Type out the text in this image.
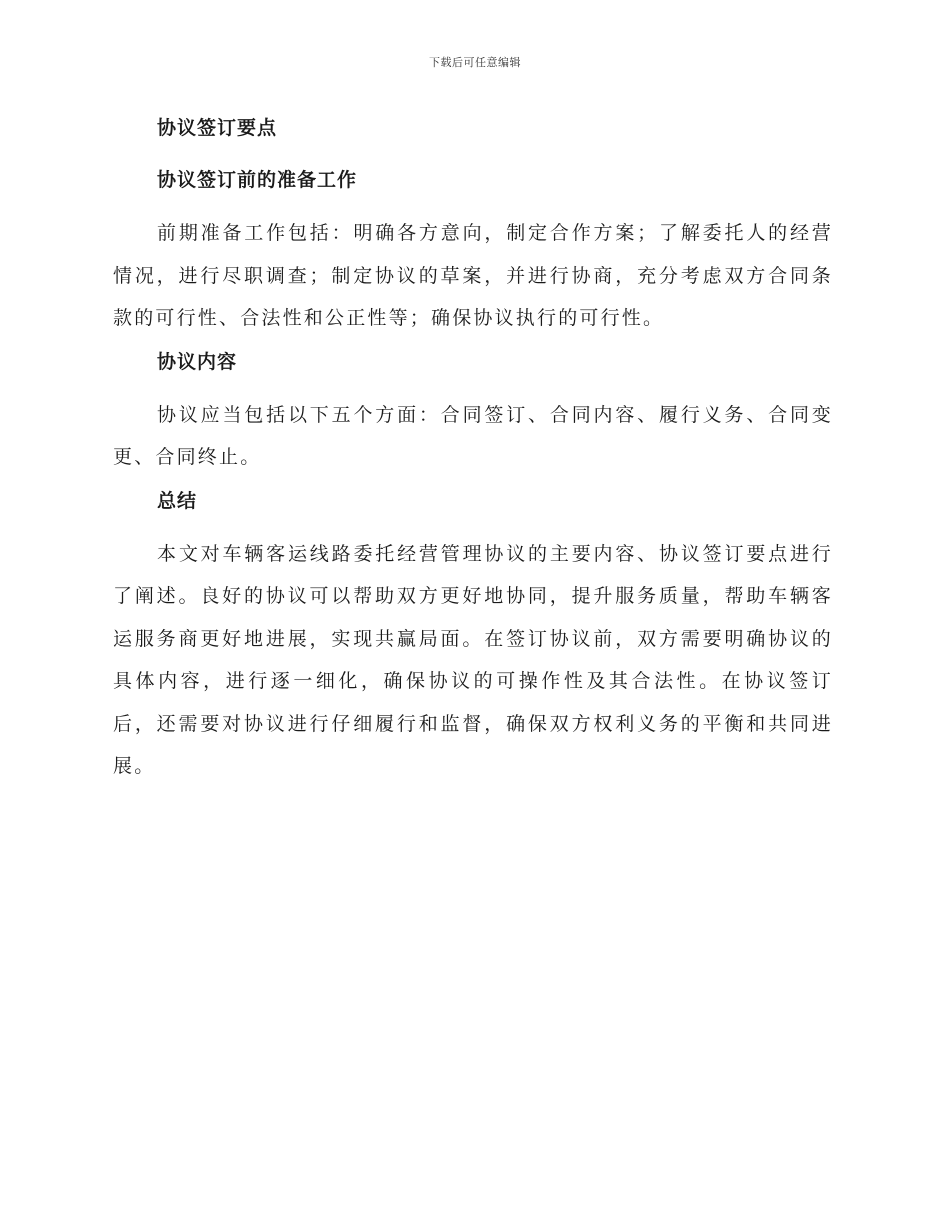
下载后可任意编辑
协议签订要点
协议签订前的准备工作

前期准备工作包括：明确各方意向，制定合作方案；了解委托人的经营情况，进行尽职调查；制定协议的草案，并进行协商，充分考虑双方合同条款的可行性、合法性和公正性等；确保协议执行的可行性。

协议内容

协议应当包括以下五个方面：合同签订、合同内容、履行义务、合同变更、合同终止。

总结

本文对车辆客运线路委托经营管理协议的主要内容、协议签订要点进行了阐述。良好的协议可以帮助双方更好地协同，提升服务质量，帮助车辆客运服务商更好地进展，实现共赢局面。在签订协议前，双方需要明确协议的具体内容，进行逐一细化，确保协议的可操作性及其合法性。在协议签订后，还需要对协议进行仔细履行和监督，确保双方权利义务的平衡和共同进展。
